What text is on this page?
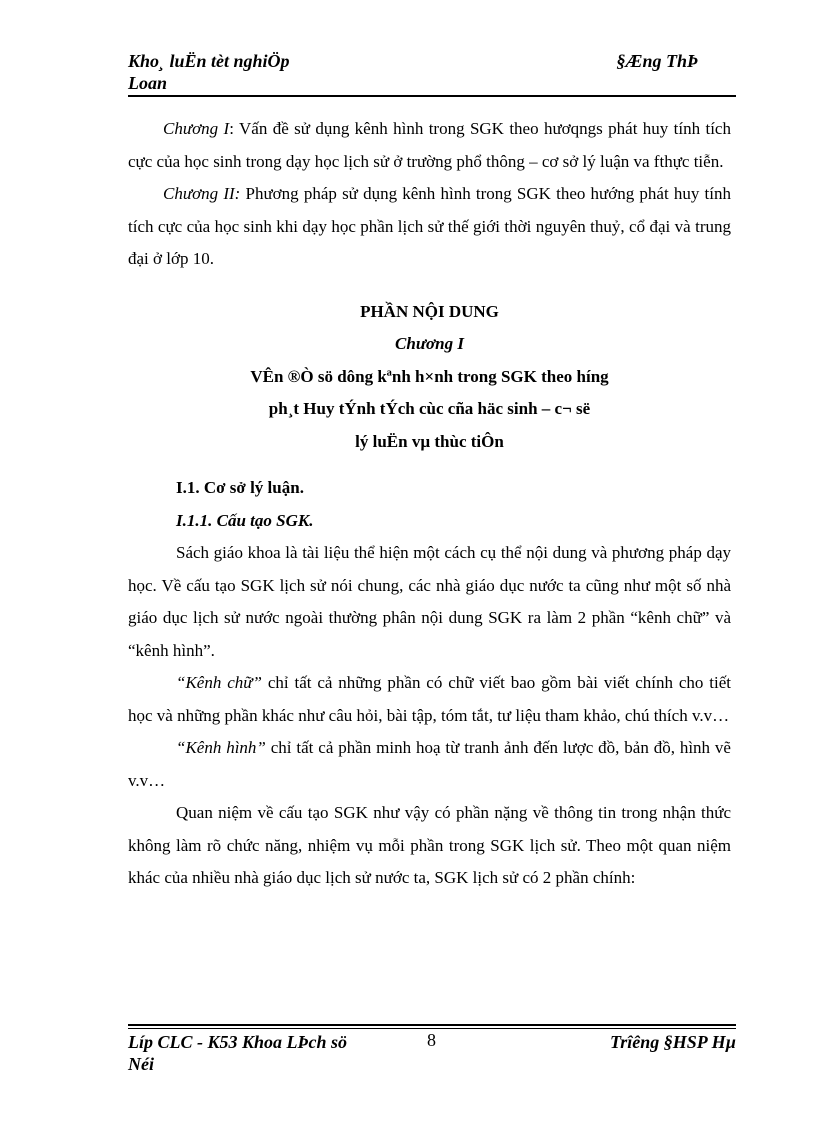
Kho¸ luËn tèt nghiÖp
Loan
§Æng ThÞ

Chương I: Vấn đề sử dụng kênh hình trong SGK theo hươqngs phát huy tính tích cực của học sinh trong dạy học lịch sử ở trường phổ thông – cơ sở lý luận va fthực tiễn.

Chương II: Phương pháp sử dụng kênh hình trong SGK theo hướng phát huy tính tích cực của học sinh khi dạy học phần lịch sử thế giới thời nguyên thuỷ, cổ đại và trung đại ở lớp 10.

PHẦN NỘI DUNG

Chương I

VÊn ®Ò sö dông kªnh h×nh trong SGK theo híng

ph¸t Huy tÝnh tÝch cùc cña häc sinh – c¬ së

lý luËn vµ thùc tiÔn

I.1. Cơ sở lý luận.

I.1.1. Cấu tạo SGK.

Sách giáo khoa là tài liệu thể hiện một cách cụ thể nội dung và phương pháp dạy học. Về cấu tạo SGK lịch sử nói chung, các nhà giáo dục nước ta cũng như một số nhà giáo dục lịch sử nước ngoài thường phân nội dung SGK ra làm 2 phần “kênh chữ” và “kênh hình”.

“Kênh chữ” chỉ tất cả những phần có chữ viết bao gồm bài viết chính cho tiết học và những phần khác như câu hỏi, bài tập, tóm tắt, tư liệu tham khảo, chú thích v.v…

“Kênh hình” chỉ tất cả phần minh hoạ từ tranh ảnh đến lược đồ, bản đồ, hình vẽ v.v…

Quan niệm về cấu tạo SGK như vậy có phần nặng về thông tin trong nhận thức không làm rõ chức năng, nhiệm vụ mỗi phần trong SGK lịch sử. Theo một quan niệm khác của nhiều nhà giáo dục lịch sử nước ta, SGK lịch sử có 2 phần chính:

Líp CLC - K53 Khoa LÞch sö
Néi
8	Trîêng §HSP Hµ
